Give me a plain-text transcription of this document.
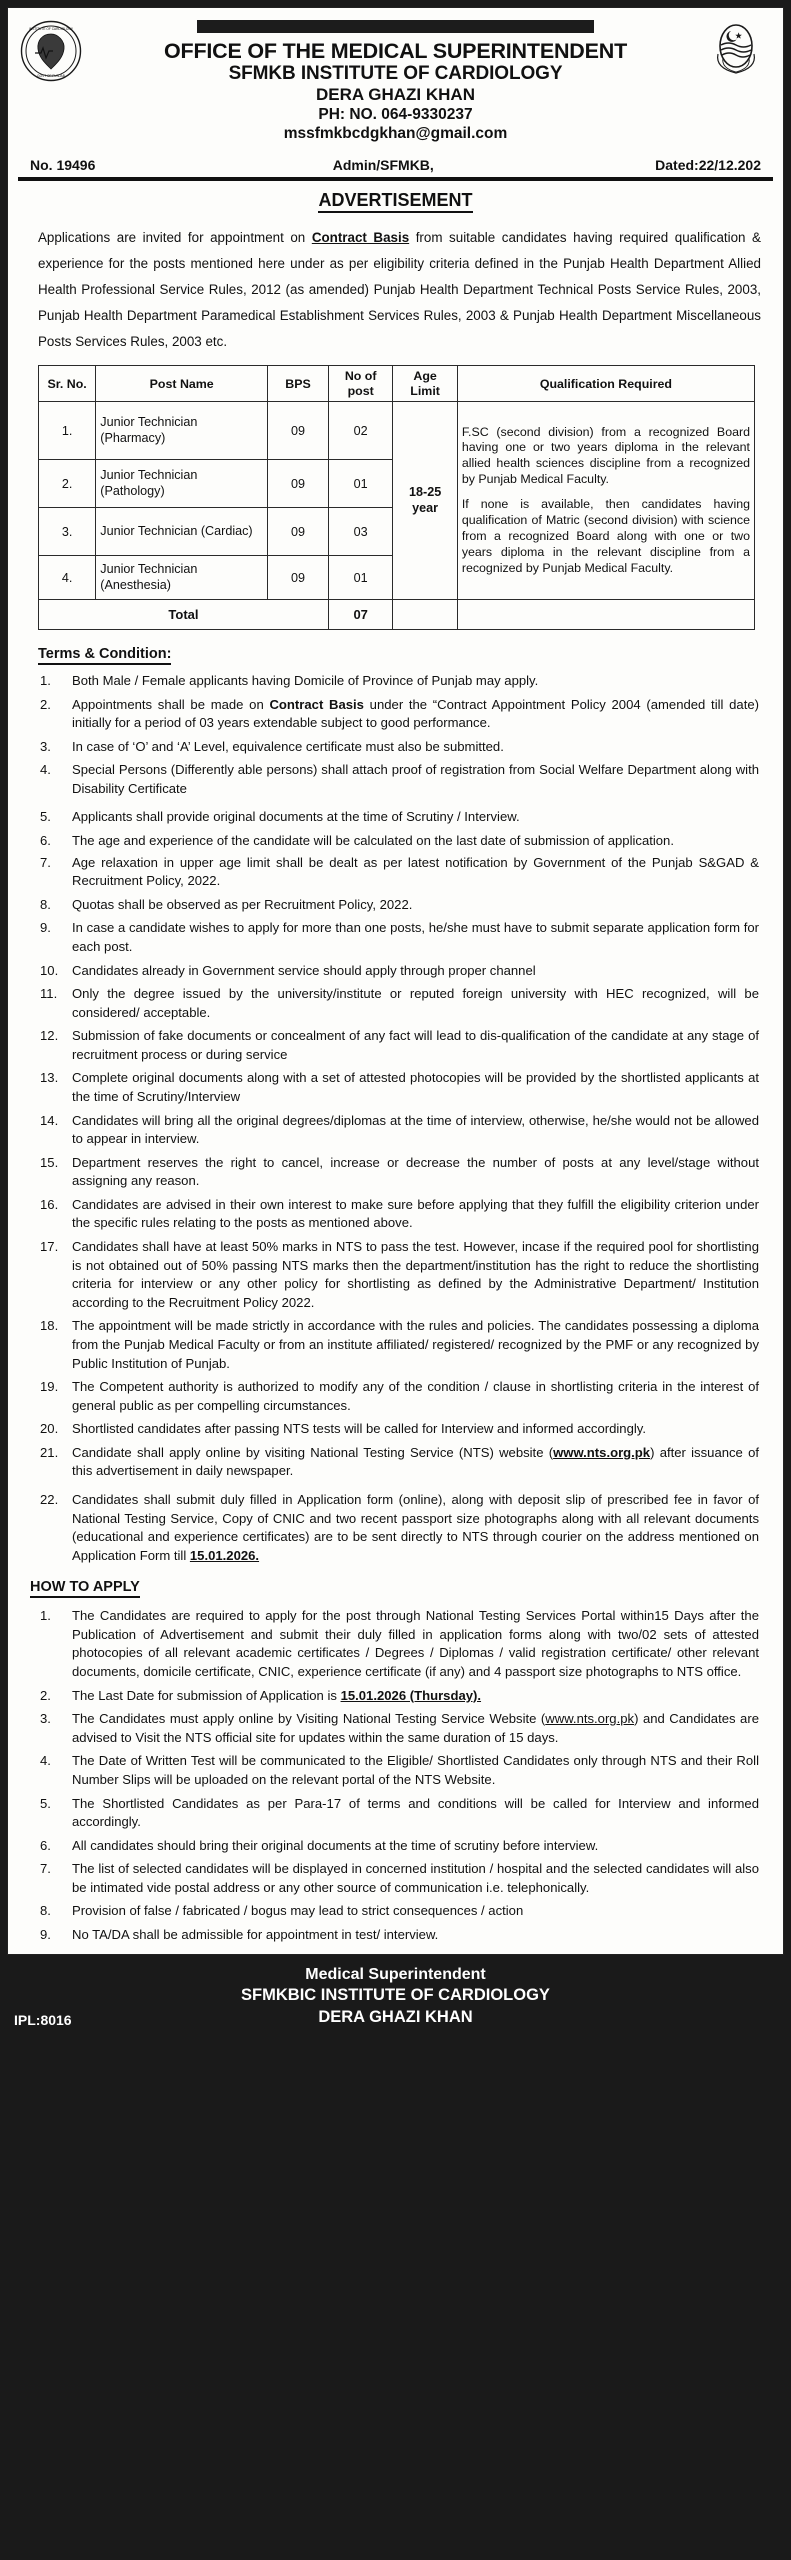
INSTITUTE OF CARDIOLOGY
GOVT OF PUNJAB
OFFICE OF THE MEDICAL SUPERINTENDENT
SFMKB INSTITUTE OF CARDIOLOGY
DERA GHAZI KHAN
PH: NO. 064-9330237
mssfmkbcdgkhan@gmail.com
No. 19496	Admin/SFMKB,	Dated:22/12.202
ADVERTISEMENT

Applications are invited for appointment on Contract Basis from suitable candidates having required qualification & experience for the posts mentioned here under as per eligibility criteria defined in the Punjab Health Department Allied Health Professional Service Rules, 2012 (as amended) Punjab Health Department Technical Posts Service Rules, 2003, Punjab Health Department Paramedical Establishment Services Rules, 2003 & Punjab Health Department Miscellaneous Posts Services Rules, 2003 etc.

Sr. No.	Post Name	BPS	No of post	Age Limit	Qualification Required
1.	Junior Technician (Pharmacy)	09	02	18-25 year	F.SC (second division) from a recognized Board having one or two years diploma in the relevant allied health sciences discipline from a recognized by Punjab Medical Faculty.

If none is available, then candidates having qualification of Matric (second division) with science from a recognized Board along with one or two years diploma in the relevant discipline from a recognized by Punjab Medical Faculty.

2.	Junior Technician (Pathology)	09	01		
3.	Junior Technician (Cardiac)	09	03		
4.	Junior Technician (Anesthesia)	09	01		
Total			07		
Terms & Condition:
Both Male / Female applicants having Domicile of Province of Punjab may apply.
Appointments shall be made on Contract Basis under the “Contract Appointment Policy 2004 (amended till date) initially for a period of 03 years extendable subject to good performance.
In case of ‘O’ and ‘A’ Level, equivalence certificate must also be submitted.
Special Persons (Differently able persons) shall attach proof of registration from Social Welfare Department along with Disability Certificate
Applicants shall provide original documents at the time of Scrutiny / Interview.
The age and experience of the candidate will be calculated on the last date of submission of application.
Age relaxation in upper age limit shall be dealt as per latest notification by Government of the Punjab S&GAD & Recruitment Policy, 2022.
Quotas shall be observed as per Recruitment Policy, 2022.
In case a candidate wishes to apply for more than one posts, he/she must have to submit separate application form for each post.
Candidates already in Government service should apply through proper channel
Only the degree issued by the university/institute or reputed foreign university with HEC recognized, will be considered/ acceptable.
Submission of fake documents or concealment of any fact will lead to dis-qualification of the candidate at any stage of recruitment process or during service
Complete original documents along with a set of attested photocopies will be provided by the shortlisted applicants at the time of Scrutiny/Interview
Candidates will bring all the original degrees/diplomas at the time of interview, otherwise, he/she would not be allowed to appear in interview.
Department reserves the right to cancel, increase or decrease the number of posts at any level/stage without assigning any reason.
Candidates are advised in their own interest to make sure before applying that they fulfill the eligibility criterion under the specific rules relating to the posts as mentioned above.
Candidates shall have at least 50% marks in NTS to pass the test. However, incase if the required pool for shortlisting is not obtained out of 50% passing NTS marks then the department/institution has the right to reduce the shortlisting criteria for interview or any other policy for shortlisting as defined by the Administrative Department/ Institution according to the Recruitment Policy 2022.
The appointment will be made strictly in accordance with the rules and policies. The candidates possessing a diploma from the Punjab Medical Faculty or from an institute affiliated/ registered/ recognized by the PMF or any recognized by Public Institution of Punjab.
The Competent authority is authorized to modify any of the condition / clause in shortlisting criteria in the interest of general public as per compelling circumstances.
Shortlisted candidates after passing NTS tests will be called for Interview and informed accordingly.
Candidate shall apply online by visiting National Testing Service (NTS) website (www.nts.org.pk) after issuance of this advertisement in daily newspaper.
Candidates shall submit duly filled in Application form (online), along with deposit slip of prescribed fee in favor of National Testing Service, Copy of CNIC and two recent passport size photographs along with all relevant documents (educational and experience certificates) are to be sent directly to NTS through courier on the address mentioned on Application Form till 15.01.2026.
HOW TO APPLY
The Candidates are required to apply for the post through National Testing Services Portal within15 Days after the Publication of Advertisement and submit their duly filled in application forms along with two/02 sets of attested photocopies of all relevant academic certificates / Degrees / Diplomas / valid registration certificate/ other relevant documents, domicile certificate, CNIC, experience certificate (if any) and 4 passport size photographs to NTS office.
The Last Date for submission of Application is 15.01.2026 (Thursday).
The Candidates must apply online by Visiting National Testing Service Website (www.nts.org.pk) and Candidates are advised to Visit the NTS official site for updates within the same duration of 15 days.
The Date of Written Test will be communicated to the Eligible/ Shortlisted Candidates only through NTS and their Roll Number Slips will be uploaded on the relevant portal of the NTS Website.
The Shortlisted Candidates as per Para-17 of terms and conditions will be called for Interview and informed accordingly.
All candidates should bring their original documents at the time of scrutiny before interview.
The list of selected candidates will be displayed in concerned institution / hospital and the selected candidates will also be intimated vide postal address or any other source of communication i.e. telephonically.
Provision of false / fabricated / bogus may lead to strict consequences / action
No TA/DA shall be admissible for appointment in test/ interview.
Medical Superintendent
SFMKBIC INSTITUTE OF CARDIOLOGY
DERA GHAZI KHAN
IPL:8016
